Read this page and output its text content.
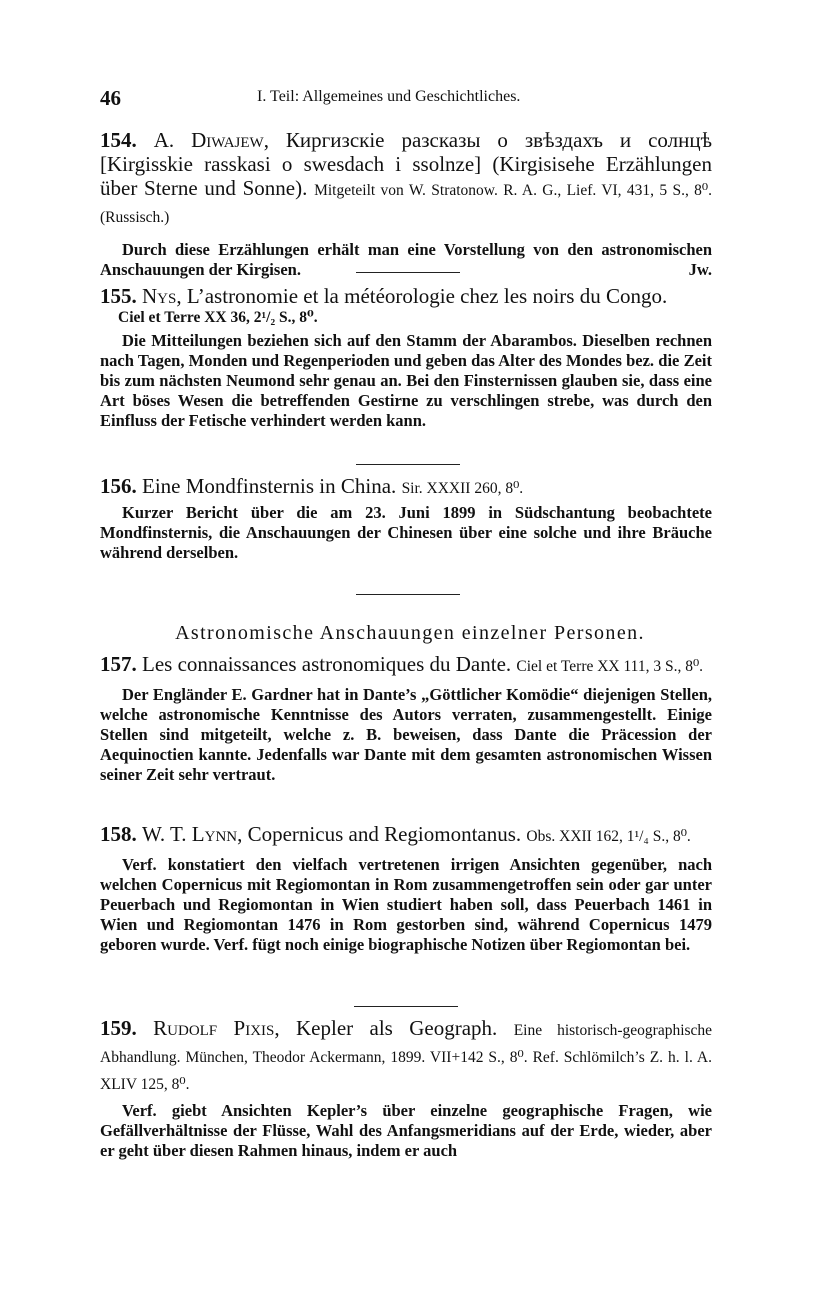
46	I. Teil: Allgemeines und Geschichtliches.
154. A. Diwajew, Киргизскіе разсказы о звѣздахъ и солнцѣ [Kirgisskie rasskasi o swesdach i ssolnze] (Kirgisisehe Erzählungen über Sterne und Sonne). Mitgeteilt von W. Stratonow. R. A. G., Lief. VI, 431, 5 S., 8⁰. (Russisch.)
Durch diese Erzählungen erhält man eine Vorstellung von den astronomischen Anschauungen der Kirgisen.	Jw.
155. Nys, L’astronomie et la météorologie chez les noirs du Congo.
Ciel et Terre XX 36, 2¹/₂ S., 8⁰.
Die Mitteilungen beziehen sich auf den Stamm der Abarambos. Dieselben rechnen nach Tagen, Monden und Regenperioden und geben das Alter des Mondes bez. die Zeit bis zum nächsten Neumond sehr genau an. Bei den Finsternissen glauben sie, dass eine Art böses Wesen die betreffenden Gestirne zu verschlingen strebe, was durch den Einfluss der Fetische verhindert werden kann.
156. Eine Mondfinsternis in China. Sir. XXXII 260, 8⁰.
Kurzer Bericht über die am 23. Juni 1899 in Südschantung beobachtete Mondfinsternis, die Anschauungen der Chinesen über eine solche und ihre Bräuche während derselben.
Astronomische Anschauungen einzelner Personen.
157. Les connaissances astronomiques du Dante. Ciel et Terre XX 111, 3 S., 8⁰.
Der Engländer E. Gardner hat in Dante’s „Göttlicher Komödie“ diejenigen Stellen, welche astronomische Kenntnisse des Autors verraten, zusammengestellt. Einige Stellen sind mitgeteilt, welche z. B. beweisen, dass Dante die Präcession der Aequinoctien kannte. Jedenfalls war Dante mit dem gesamten astronomischen Wissen seiner Zeit sehr vertraut.
158. W. T. Lynn, Copernicus and Regiomontanus. Obs. XXII 162, 1¹/₄ S., 8⁰.
Verf. konstatiert den vielfach vertretenen irrigen Ansichten gegenüber, nach welchen Copernicus mit Regiomontan in Rom zusammengetroffen sein oder gar unter Peuerbach und Regiomontan in Wien studiert haben soll, dass Peuerbach 1461 in Wien und Regiomontan 1476 in Rom gestorben sind, während Copernicus 1479 geboren wurde. Verf. fügt noch einige biographische Notizen über Regiomontan bei.
159. Rudolf Pixis, Kepler als Geograph. Eine historisch-geographische Abhandlung. München, Theodor Ackermann, 1899. VII+142 S., 8⁰. Ref. Schlömilch’s Z. h. l. A. XLIV 125, 8⁰.
Verf. giebt Ansichten Kepler’s über einzelne geographische Fragen, wie Gefällverhältnisse der Flüsse, Wahl des Anfangsmeridians auf der Erde, wieder, aber er geht über diesen Rahmen hinaus, indem er auch
